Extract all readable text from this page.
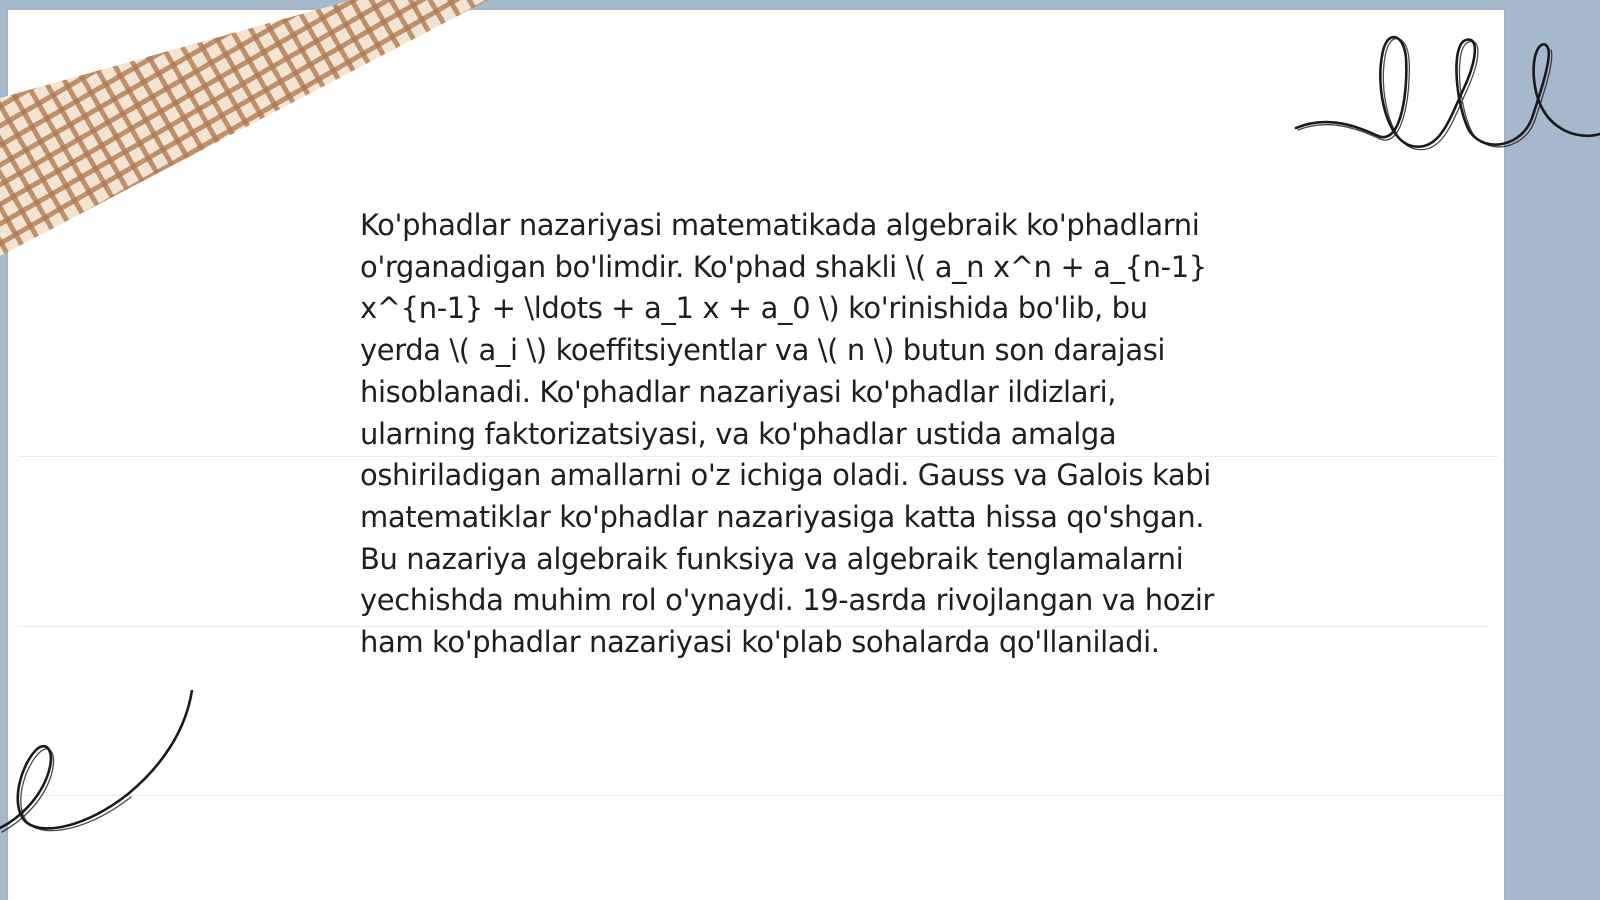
Ko'phadlar nazariyasi matematikada algebraik ko'phadlarni o'rganadigan bo'limdir. Ko'phad shakli \( a_n x^n + a_{n-1} x^{n-1} + \ldots + a_1 x + a_0 \) ko'rinishida bo'lib, bu yerda \( a_i \) koeffitsiyentlar va \( n \) butun son darajasi hisoblanadi. Ko'phadlar nazariyasi ko'phadlar ildizlari, ularning faktorizatsiyasi, va ko'phadlar ustida amalga oshiriladigan amallarni o'z ichiga oladi. Gauss va Galois kabi matematiklar ko'phadlar nazariyasiga katta hissa qo'shgan. Bu nazariya algebraik funksiya va algebraik tenglamalarni yechishda muhim rol o'ynaydi. 19-asrda rivojlangan va hozir ham ko'phadlar nazariyasi ko'plab sohalarda qo'llaniladi.
